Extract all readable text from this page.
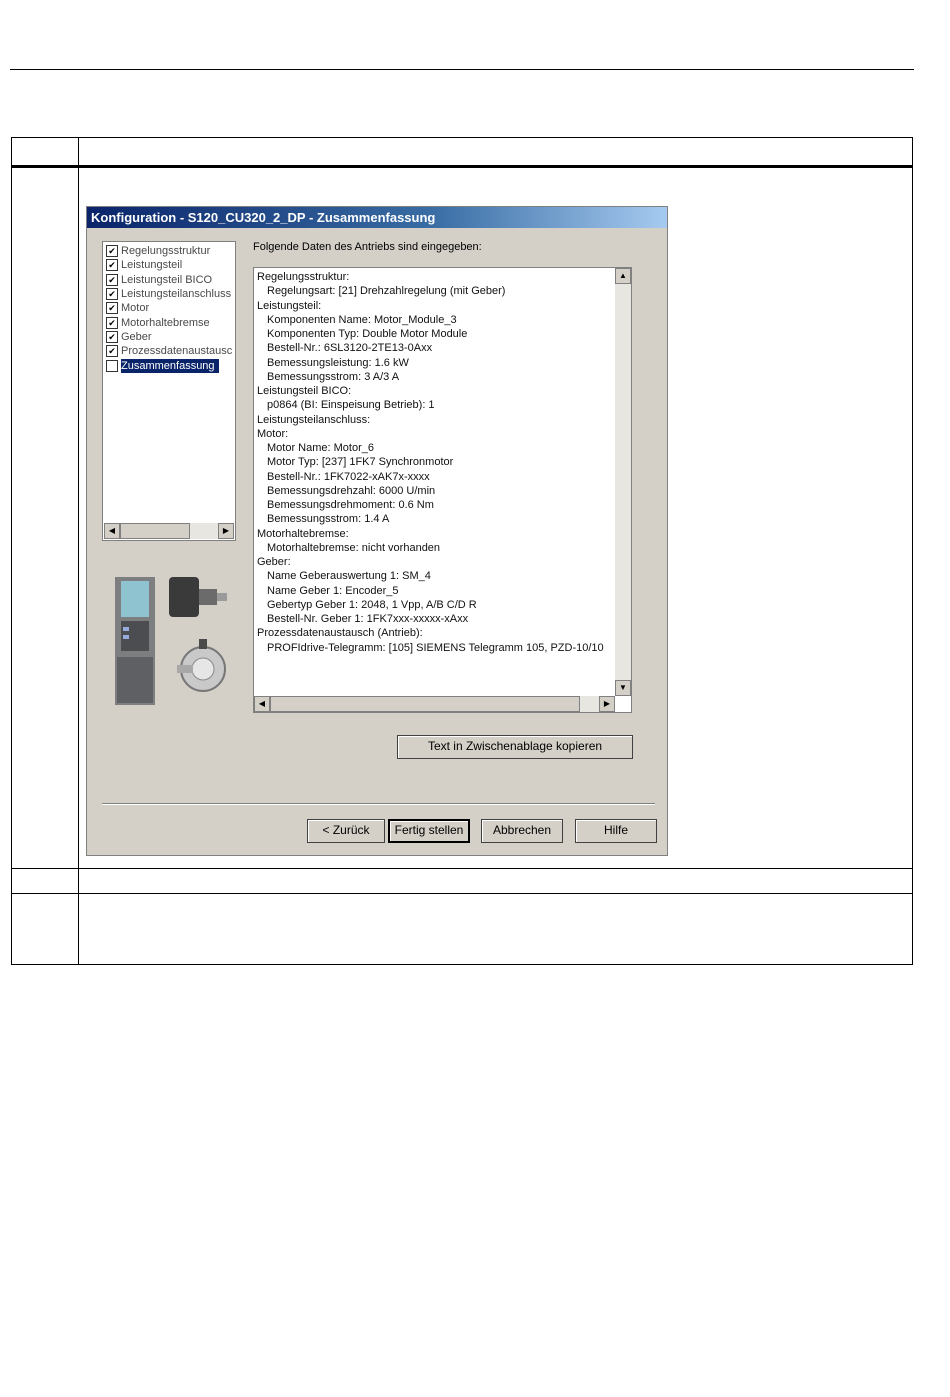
Konfiguration - S120_CU320_2_DP - Zusammenfassung
✔ Regelungsstruktur
✔ Leistungsteil
✔ Leistungsteil BICO
✔ Leistungsteilanschluss
✔ Motor
✔ Motorhaltebremse
✔ Geber
✔ Prozessdatenaustausc
Zusammenfassung
◀	▶
Folgende Daten des Antriebs sind eingegeben:
Regelungsstruktur:
Regelungsart: [21] Drehzahlregelung (mit Geber)
Leistungsteil:
Komponenten Name: Motor_Module_3
Komponenten Typ: Double Motor Module
Bestell-Nr.: 6SL3120-2TE13-0Axx
Bemessungsleistung: 1.6 kW
Bemessungsstrom: 3 A/3 A
Leistungsteil BICO:
p0864 (BI: Einspeisung Betrieb): 1
Leistungsteilanschluss:
Motor:
Motor Name: Motor_6
Motor Typ: [237] 1FK7 Synchronmotor
Bestell-Nr.: 1FK7022-xAK7x-xxxx
Bemessungsdrehzahl: 6000 U/min
Bemessungsdrehmoment: 0.6 Nm
Bemessungsstrom: 1.4 A
Motorhaltebremse:
Motorhaltebremse: nicht vorhanden
Geber:
Name Geberauswertung 1: SM_4
Name Geber 1: Encoder_5
Gebertyp Geber 1: 2048, 1 Vpp, A/B C/D R
Bestell-Nr. Geber 1: 1FK7xxx-xxxxx-xAxx
Prozessdatenaustausch (Antrieb):
PROFIdrive-Telegramm: [105] SIEMENS Telegramm 105, PZD-10/10
▲
▼
◀	▶
Text in Zwischenablage kopieren
< Zurück	Fertig stellen	Abbrechen	Hilfe
